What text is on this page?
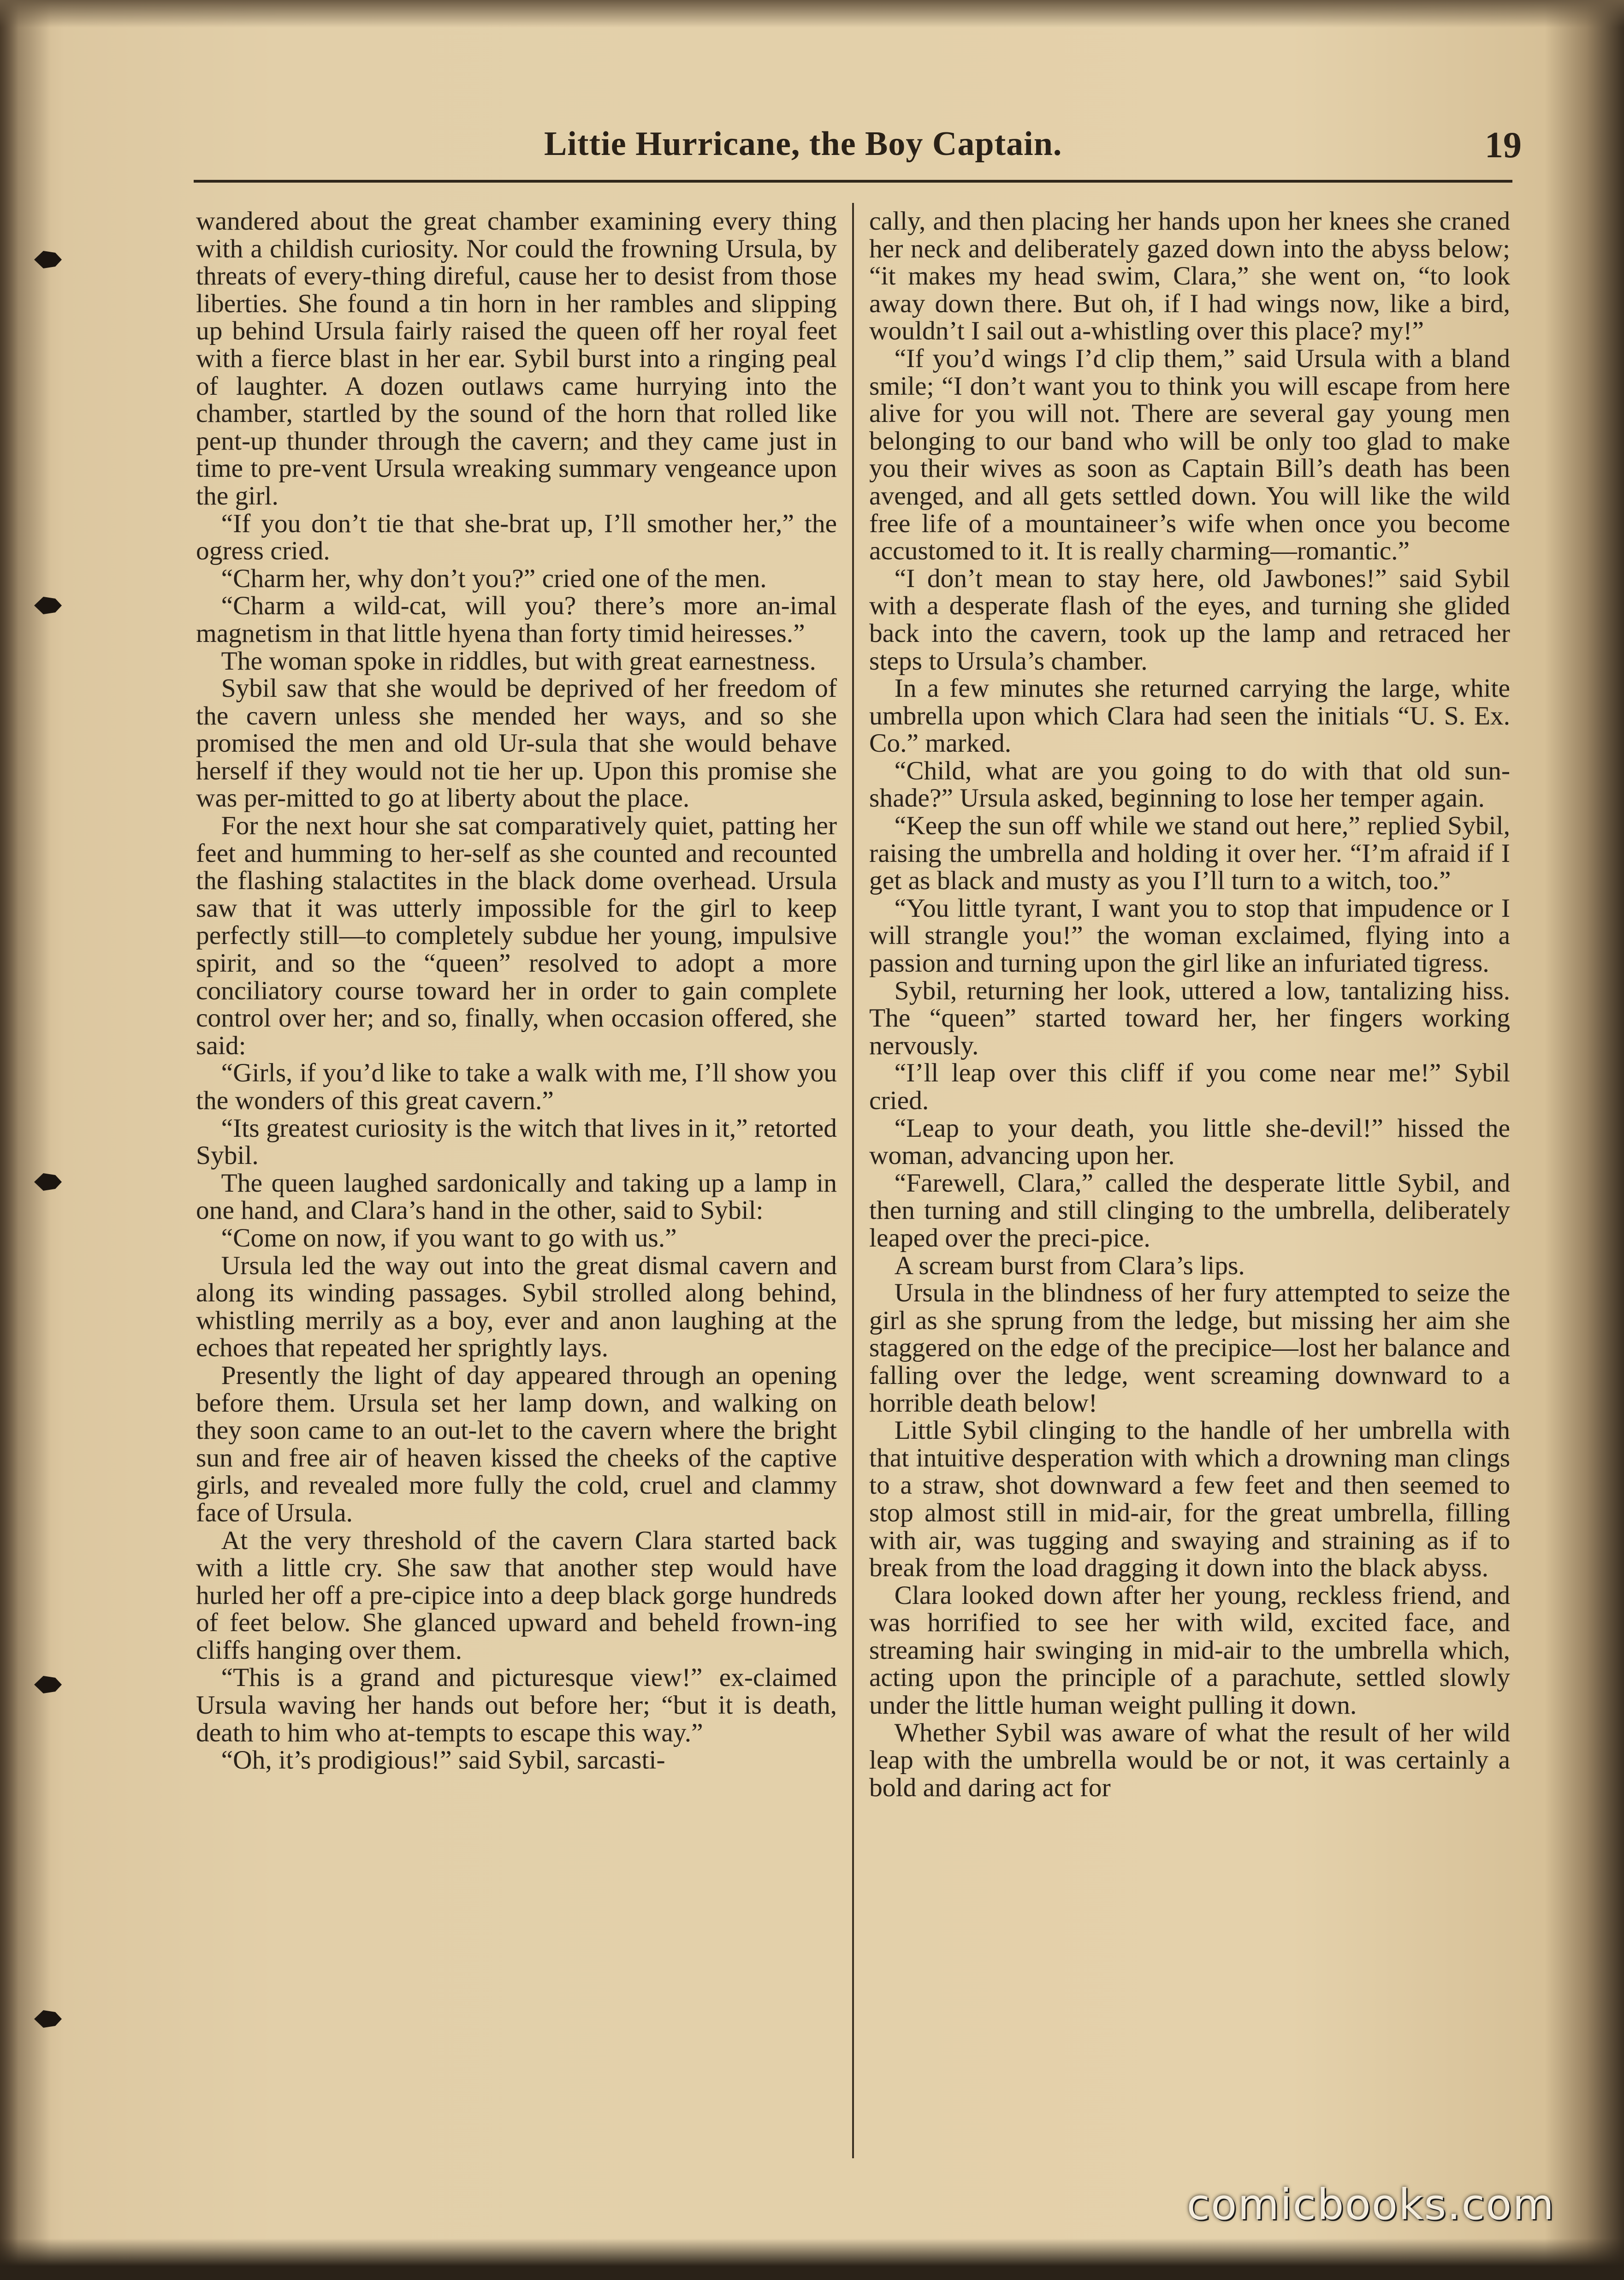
Littie Hurricane, the Boy Captain.	19

wandered about the great chamber examining every thing with a childish curiosity. Nor could the frowning Ursula, by threats of every-thing direful, cause her to desist from those liberties. She found a tin horn in her rambles and slipping up behind Ursula fairly raised the queen off her royal feet with a fierce blast in her ear. Sybil burst into a ringing peal of laughter. A dozen outlaws came hurrying into the chamber, startled by the sound of the horn that rolled like pent-up thunder through the cavern; and they came just in time to pre-vent Ursula wreaking summary vengeance upon the girl.

“If you don’t tie that she-brat up, I’ll smother her,” the ogress cried.

“Charm her, why don’t you?” cried one of the men.

“Charm a wild-cat, will you? there’s more an-imal magnetism in that little hyena than forty timid heiresses.”

The woman spoke in riddles, but with great earnestness.

Sybil saw that she would be deprived of her freedom of the cavern unless she mended her ways, and so she promised the men and old Ur-sula that she would behave herself if they would not tie her up. Upon this promise she was per-mitted to go at liberty about the place.

For the next hour she sat comparatively quiet, patting her feet and humming to her-self as she counted and recounted the flashing stalactites in the black dome overhead. Ursula saw that it was utterly impossible for the girl to keep perfectly still—to completely subdue her young, impulsive spirit, and so the “queen” resolved to adopt a more conciliatory course toward her in order to gain complete control over her; and so, finally, when occasion offered, she said:

“Girls, if you’d like to take a walk with me, I’ll show you the wonders of this great cavern.”

“Its greatest curiosity is the witch that lives in it,” retorted Sybil.

The queen laughed sardonically and taking up a lamp in one hand, and Clara’s hand in the other, said to Sybil:

“Come on now, if you want to go with us.”

Ursula led the way out into the great dismal cavern and along its winding passages. Sybil strolled along behind, whistling merrily as a boy, ever and anon laughing at the echoes that repeated her sprightly lays.

Presently the light of day appeared through an opening before them. Ursula set her lamp down, and walking on they soon came to an out-let to the cavern where the bright sun and free air of heaven kissed the cheeks of the captive girls, and revealed more fully the cold, cruel and clammy face of Ursula.

At the very threshold of the cavern Clara started back with a little cry. She saw that another step would have hurled her off a pre-cipice into a deep black gorge hundreds of feet below. She glanced upward and beheld frown-ing cliffs hanging over them.

“This is a grand and picturesque view!” ex-claimed Ursula waving her hands out before her; “but it is death, death to him who at-tempts to escape this way.”

“Oh, it’s prodigious!” said Sybil, sarcasti-

cally, and then placing her hands upon her knees she craned her neck and deliberately gazed down into the abyss below; “it makes my head swim, Clara,” she went on, “to look away down there. But oh, if I had wings now, like a bird, wouldn’t I sail out a-whistling over this place? my!”

“If you’d wings I’d clip them,” said Ursula with a bland smile; “I don’t want you to think you will escape from here alive for you will not. There are several gay young men belonging to our band who will be only too glad to make you their wives as soon as Captain Bill’s death has been avenged, and all gets settled down. You will like the wild free life of a mountaineer’s wife when once you become accustomed to it. It is really charming—romantic.”

“I don’t mean to stay here, old Jawbones!” said Sybil with a desperate flash of the eyes, and turning she glided back into the cavern, took up the lamp and retraced her steps to Ursula’s chamber.

In a few minutes she returned carrying the large, white umbrella upon which Clara had seen the initials “U. S. Ex. Co.” marked.

“Child, what are you going to do with that old sun-shade?” Ursula asked, beginning to lose her temper again.

“Keep the sun off while we stand out here,” replied Sybil, raising the umbrella and holding it over her. “I’m afraid if I get as black and musty as you I’ll turn to a witch, too.”

“You little tyrant, I want you to stop that impudence or I will strangle you!” the woman exclaimed, flying into a passion and turning upon the girl like an infuriated tigress.

Sybil, returning her look, uttered a low, tantalizing hiss. The “queen” started toward her, her fingers working nervously.

“I’ll leap over this cliff if you come near me!” Sybil cried.

“Leap to your death, you little she-devil!” hissed the woman, advancing upon her.

“Farewell, Clara,” called the desperate little Sybil, and then turning and still clinging to the umbrella, deliberately leaped over the preci-pice.

A scream burst from Clara’s lips.

Ursula in the blindness of her fury attempted to seize the girl as she sprung from the ledge, but missing her aim she staggered on the edge of the precipice—lost her balance and falling over the ledge, went screaming downward to a horrible death below!

Little Sybil clinging to the handle of her umbrella with that intuitive desperation with which a drowning man clings to a straw, shot downward a few feet and then seemed to stop almost still in mid-air, for the great umbrella, filling with air, was tugging and swaying and straining as if to break from the load dragging it down into the black abyss.

Clara looked down after her young, reckless friend, and was horrified to see her with wild, excited face, and streaming hair swinging in mid-air to the umbrella which, acting upon the principle of a parachute, settled slowly under the little human weight pulling it down.

Whether Sybil was aware of what the result of her wild leap with the umbrella would be or not, it was certainly a bold and daring act for

comicbooks.com
